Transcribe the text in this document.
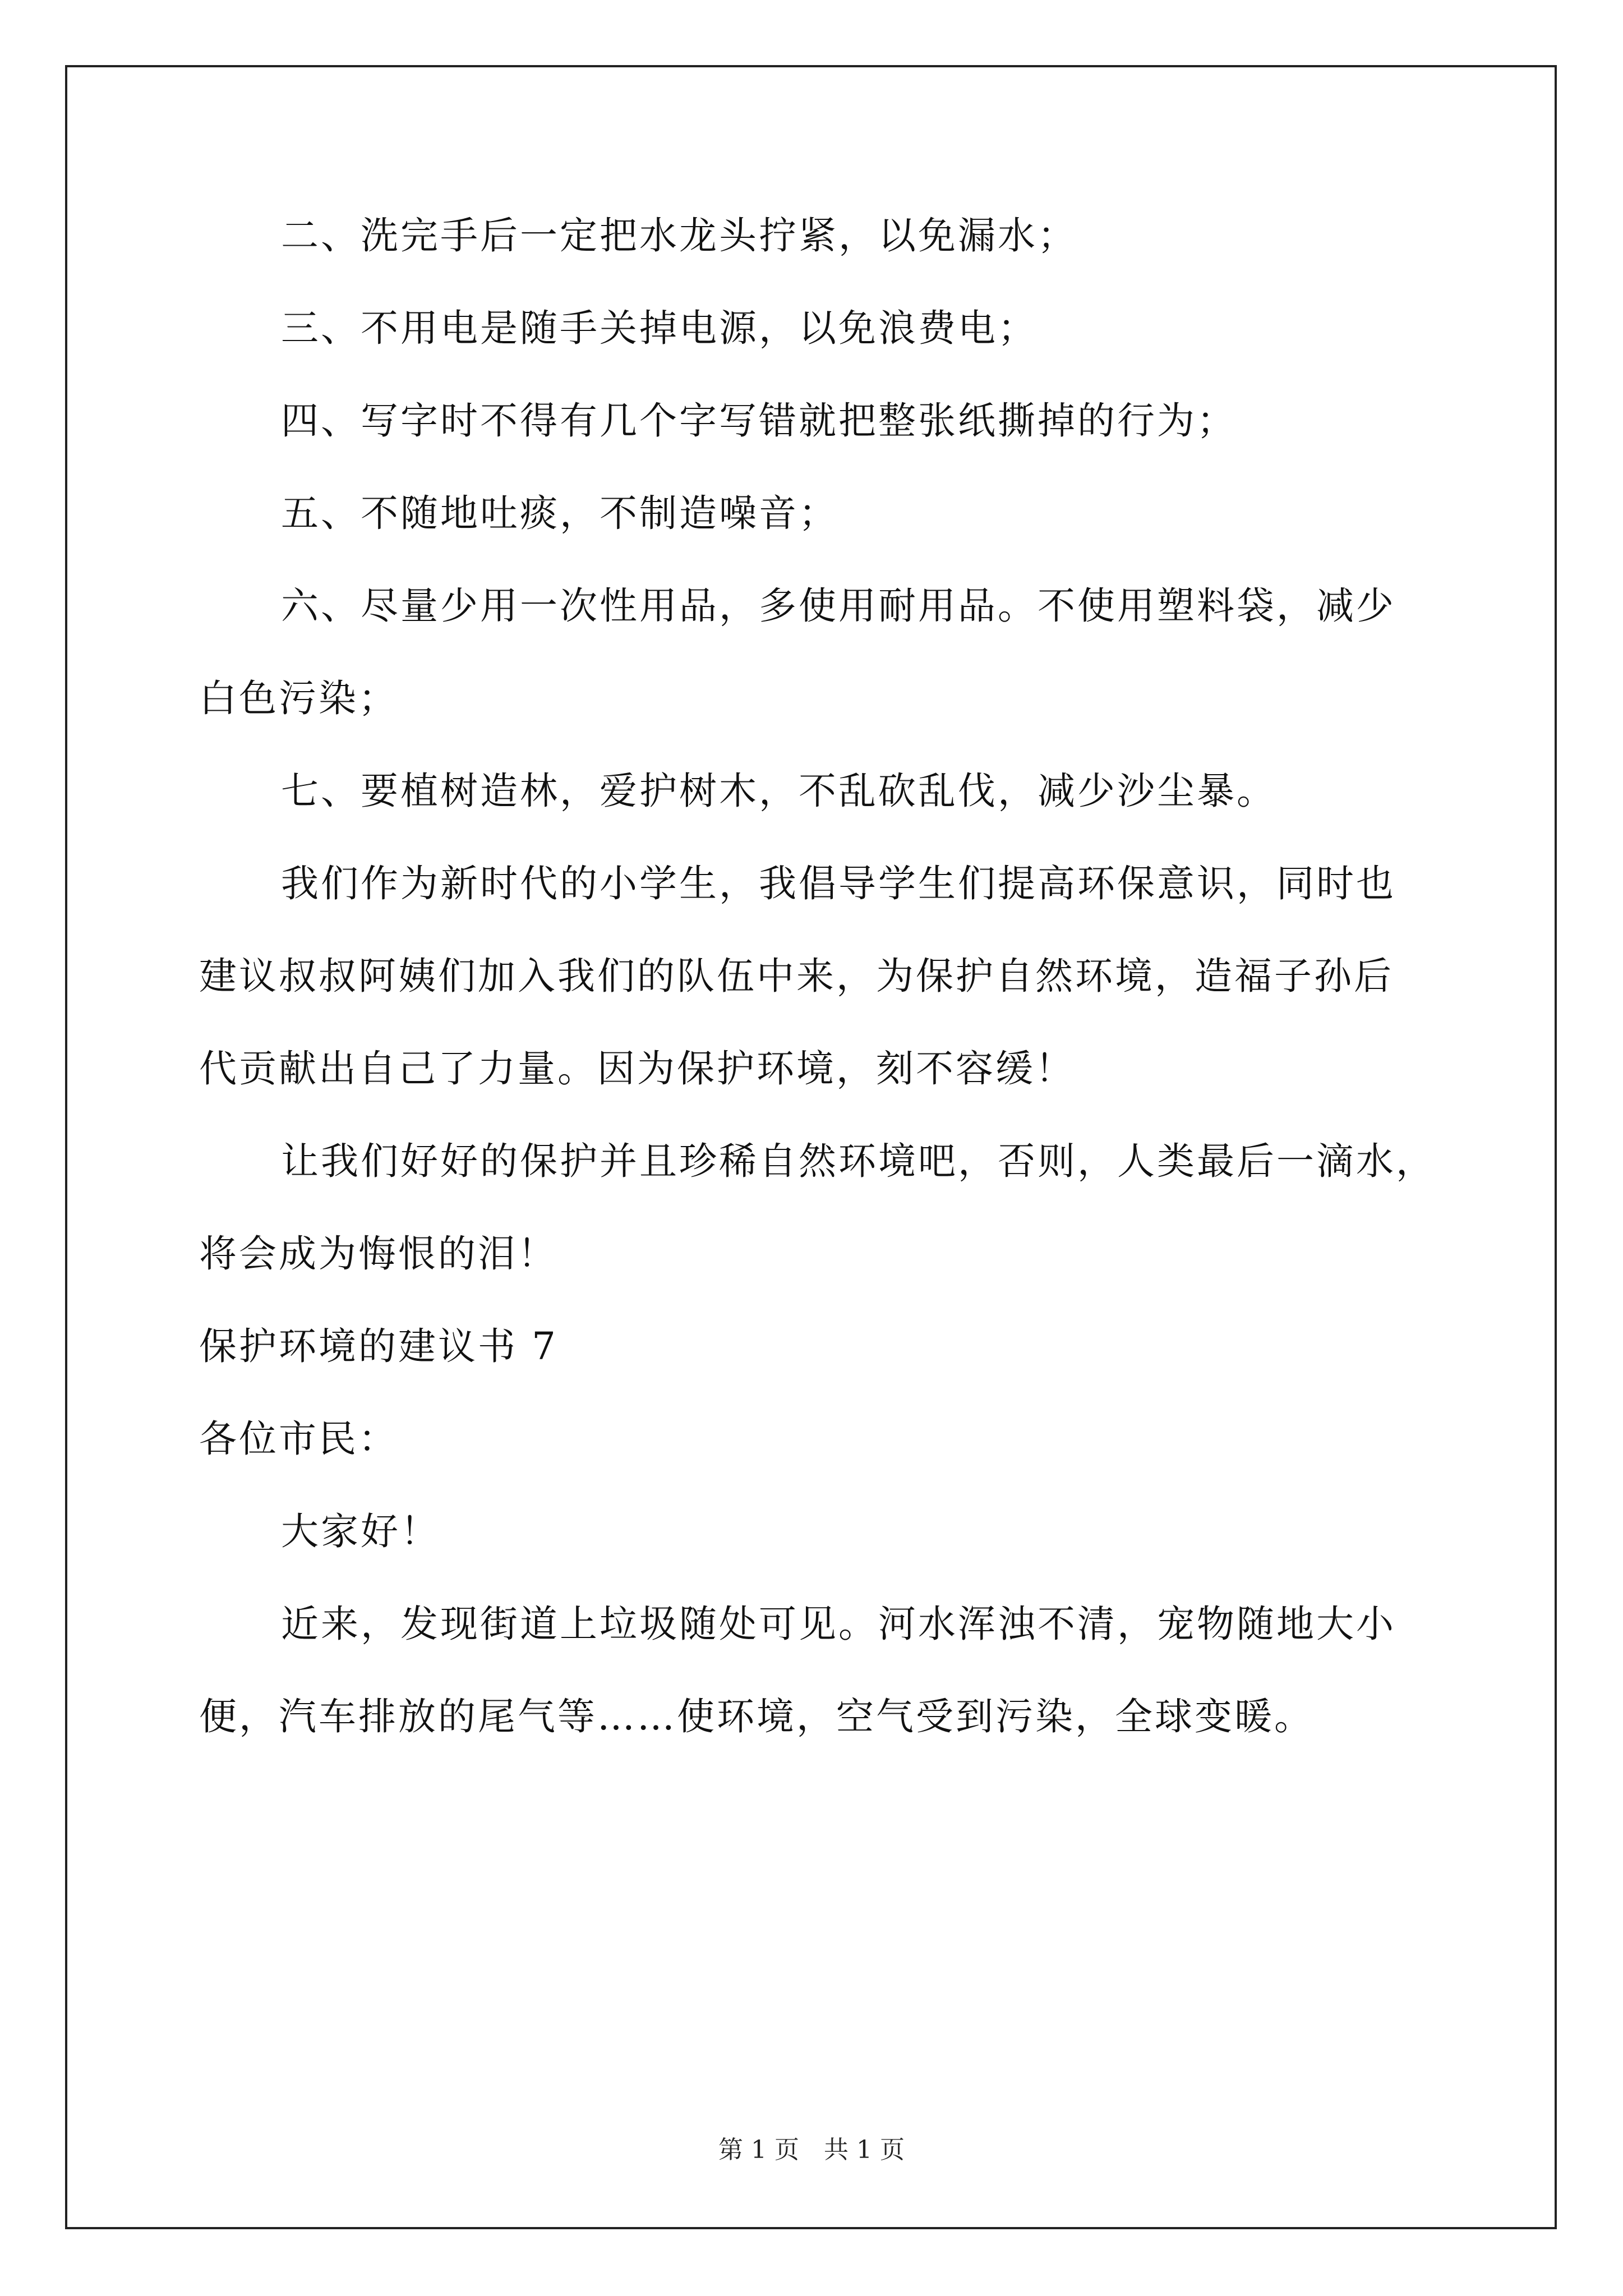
二、洗完手后一定把水龙头拧紧，以免漏水；
三、不用电是随手关掉电源，以免浪费电；
四、写字时不得有几个字写错就把整张纸撕掉的行为；
五、不随地吐痰，不制造噪音；
六、尽量少用一次性用品，多使用耐用品。不使用塑料袋，减少
白色污染；
七、要植树造林，爱护树木，不乱砍乱伐，减少沙尘暴。
我们作为新时代的小学生，我倡导学生们提高环保意识，同时也
建议叔叔阿姨们加入我们的队伍中来，为保护自然环境，造福子孙后
代贡献出自己了力量。因为保护环境，刻不容缓！
让我们好好的保护并且珍稀自然环境吧，否则，人类最后一滴水，
将会成为悔恨的泪！
保护环境的建议书 7
各位市民：
大家好！
近来，发现街道上垃圾随处可见。河水浑浊不清，宠物随地大小
便，汽车排放的尾气等……使环境，空气受到污染，全球变暖。
第 1 页　共 1 页
